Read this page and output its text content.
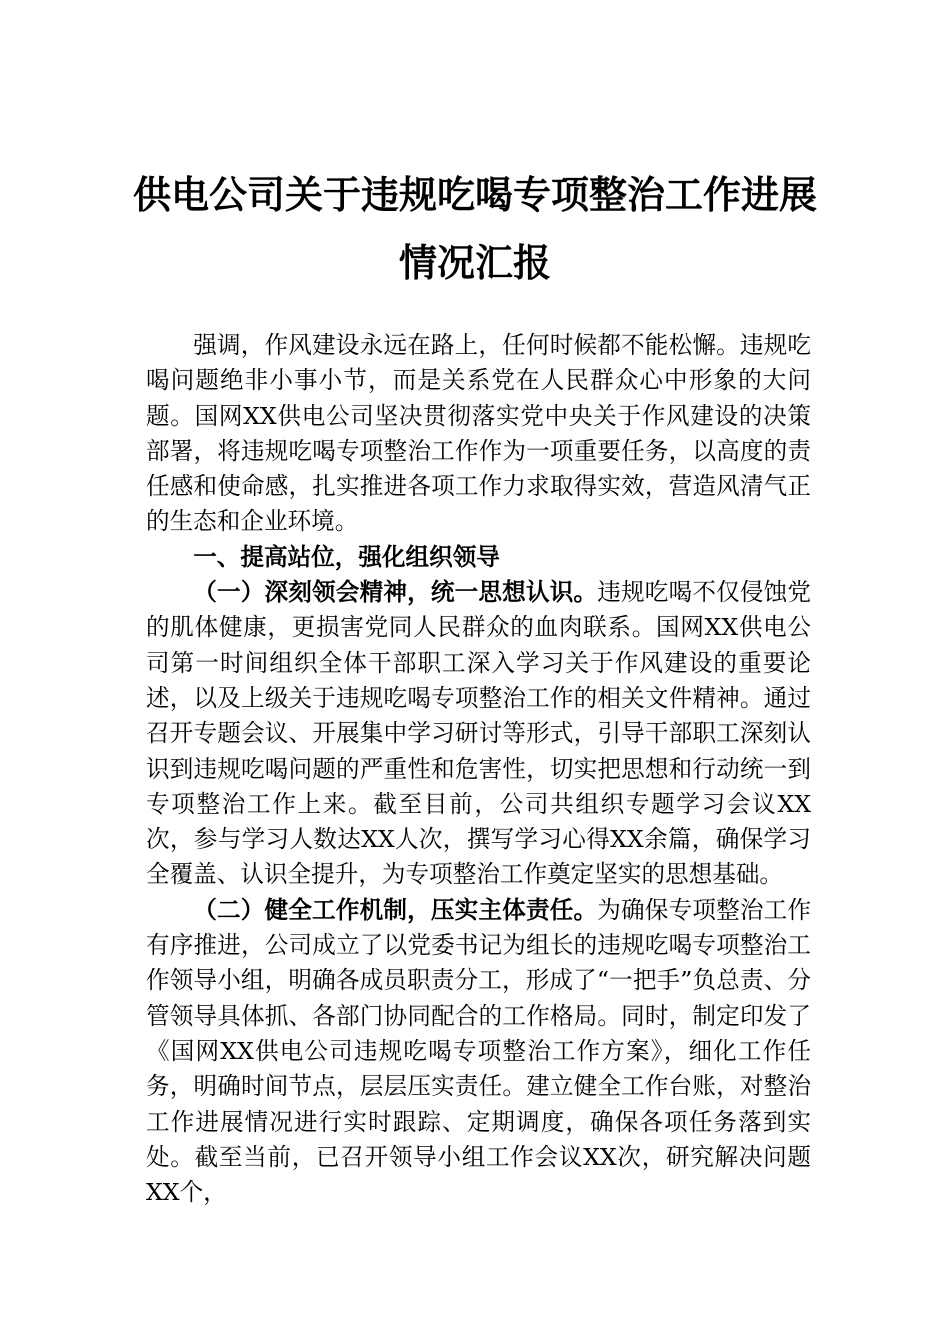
供电公司关于违规吃喝专项整治工作进展
情况汇报

强调，作风建设永远在路上，任何时候都不能松懈。违规吃喝问题绝非小事小节，而是关系党在人民群众心中形象的大问题。国网XX供电公司坚决贯彻落实党中央关于作风建设的决策部署，将违规吃喝专项整治工作作为一项重要任务，以高度的责任感和使命感，扎实推进各项工作力求取得实效，营造风清气正的生态和企业环境。

一、提高站位，强化组织领导

（一）深刻领会精神，统一思想认识。违规吃喝不仅侵蚀党的肌体健康，更损害党同人民群众的血肉联系。国网XX供电公司第一时间组织全体干部职工深入学习关于作风建设的重要论述，以及上级关于违规吃喝专项整治工作的相关文件精神。通过召开专题会议、开展集中学习研讨等形式，引导干部职工深刻认识到违规吃喝问题的严重性和危害性，切实把思想和行动统一到专项整治工作上来。截至目前，公司共组织专题学习会议XX次，参与学习人数达XX人次，撰写学习心得XX余篇，确保学习全覆盖、认识全提升，为专项整治工作奠定坚实的思想基础。

（二）健全工作机制，压实主体责任。为确保专项整治工作有序推进，公司成立了以党委书记为组长的违规吃喝专项整治工作领导小组，明确各成员职责分工，形成了“一把手”负总责、分管领导具体抓、各部门协同配合的工作格局。同时，制定印发了《国网XX供电公司违规吃喝专项整治工作方案》，细化工作任务，明确时间节点，层层压实责任。建立健全工作台账，对整治工作进展情况进行实时跟踪、定期调度，确保各项任务落到实处。截至当前，已召开领导小组工作会议XX次，研究解决问题XX个，
